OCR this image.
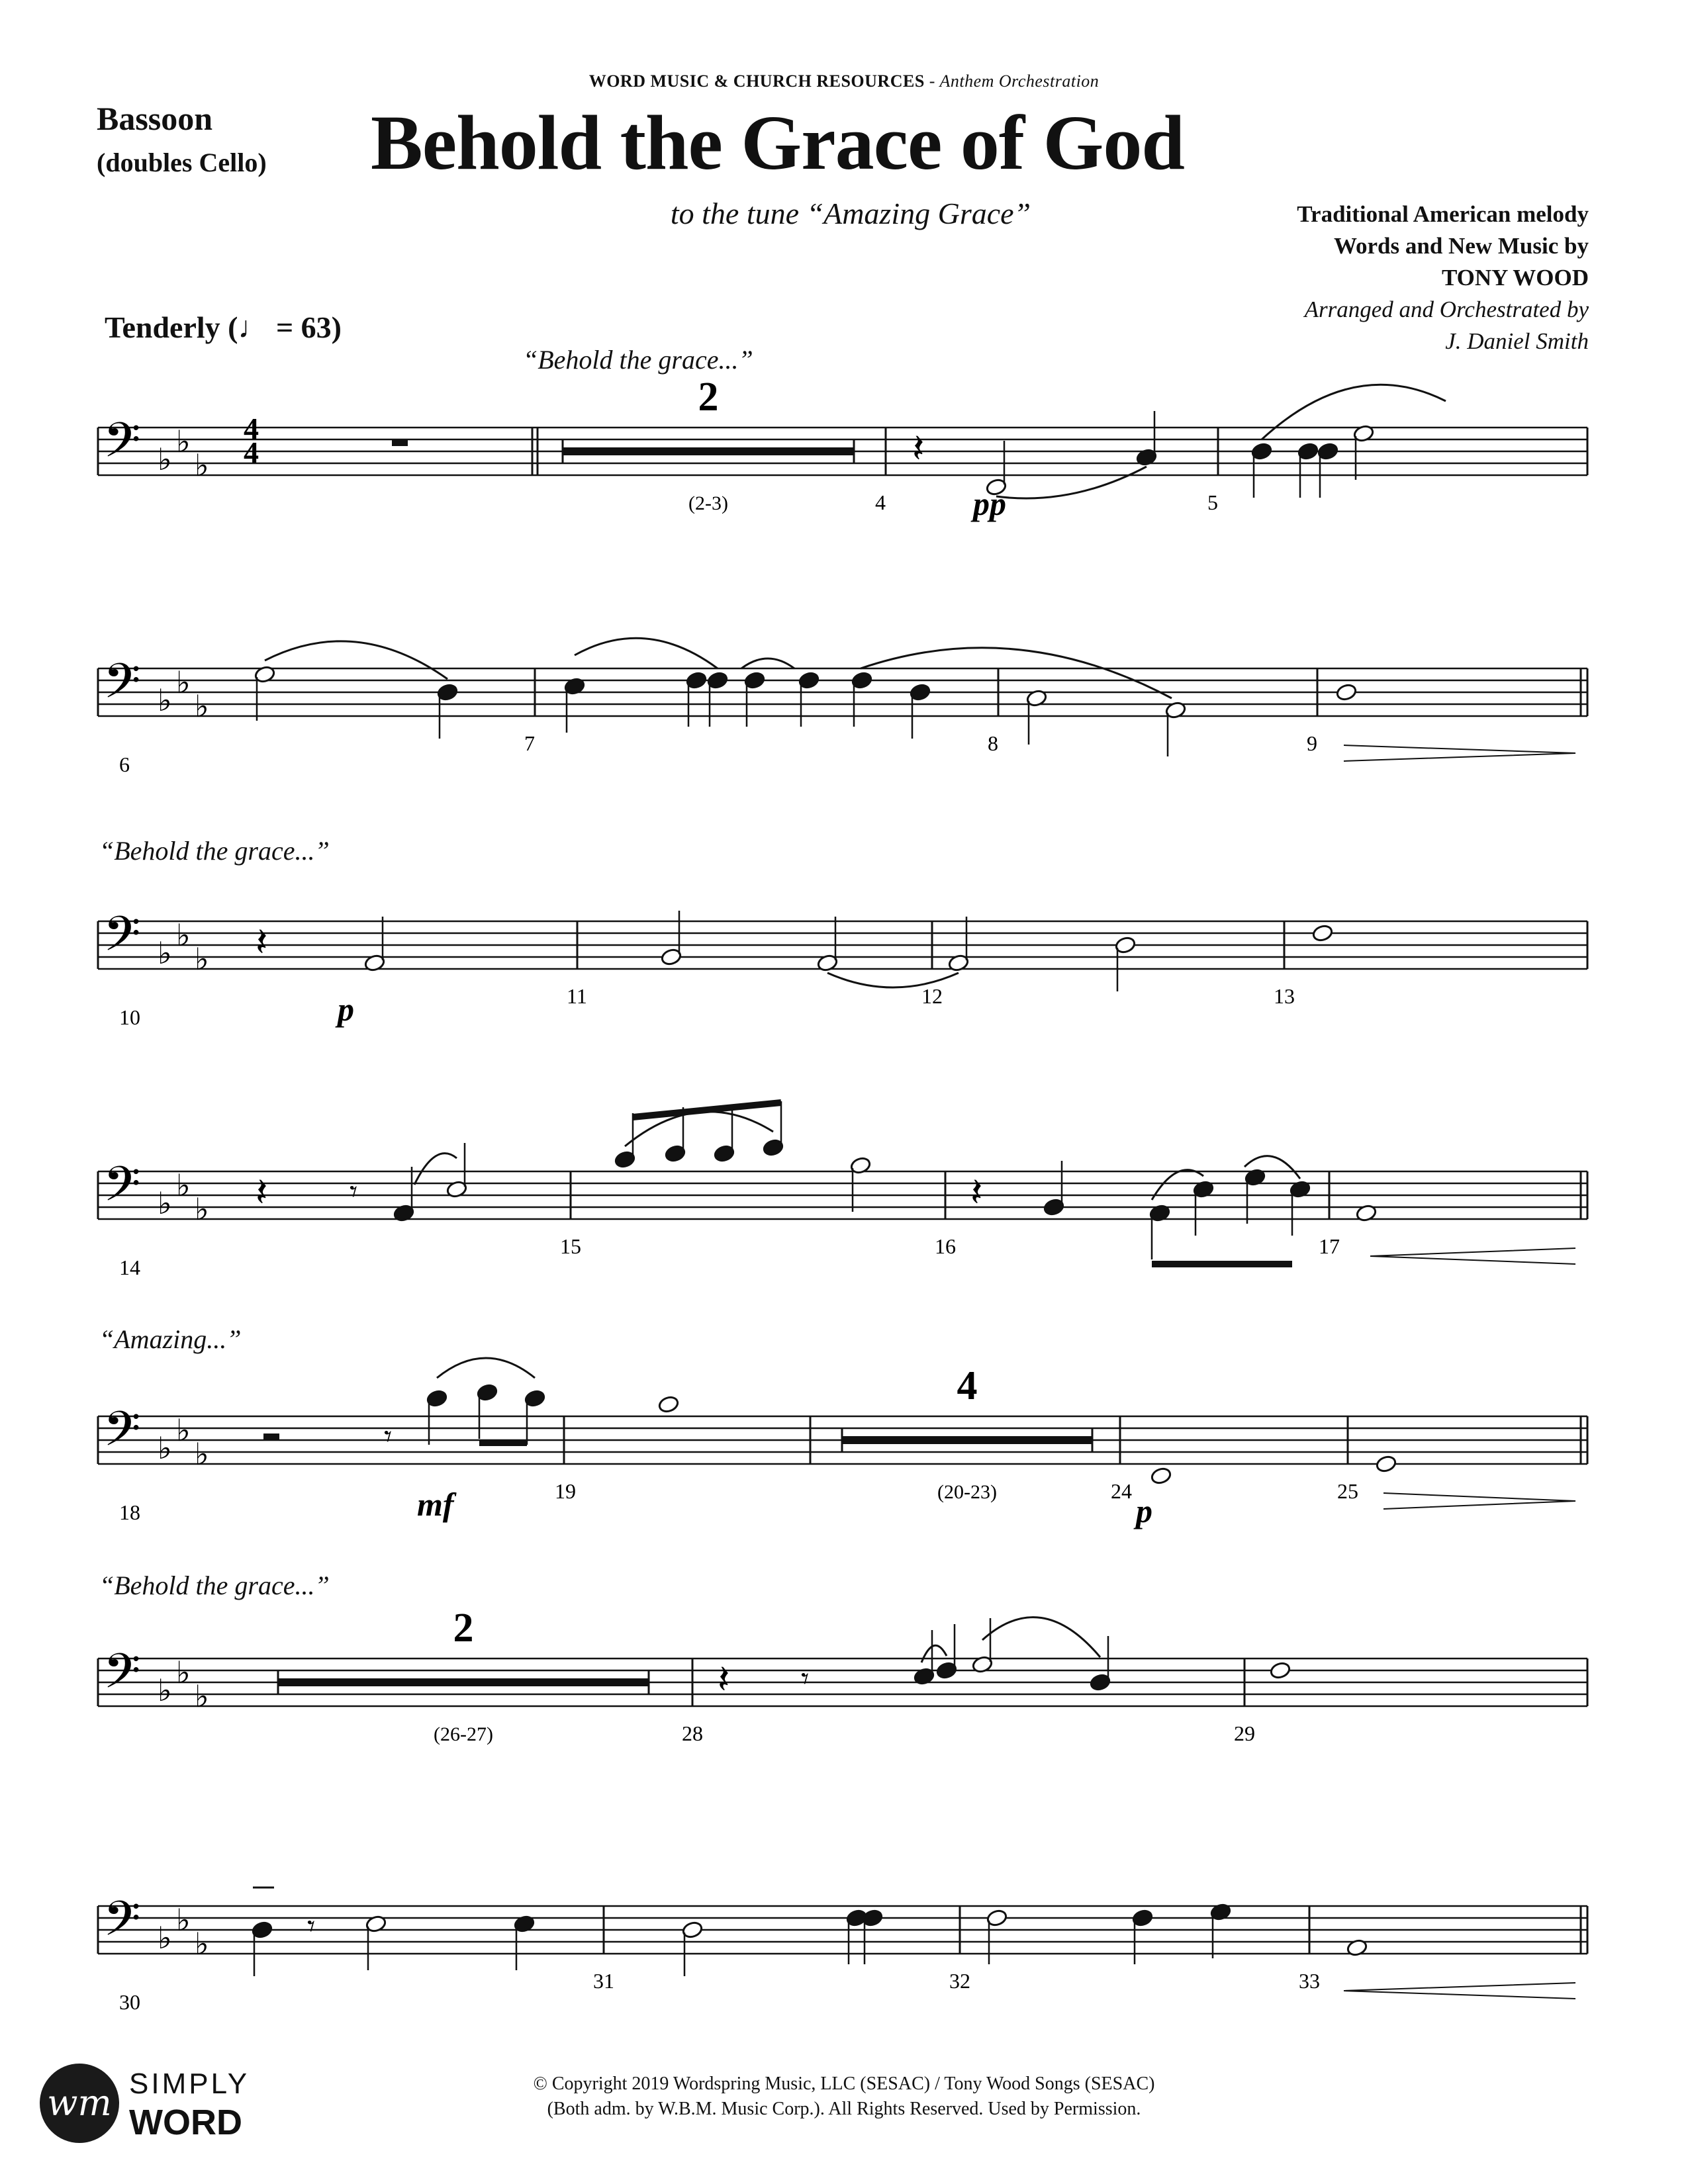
WORD MUSIC & CHURCH RESOURCES - Anthem Orchestration
Bassoon
(doubles Cello) Behold the Grace of God
to the tune “Amazing Grace”	Traditional American melody
Words and New Music by
TONY WOOD
Arranged and Orchestrated by
J. Daniel Smith
Tenderly (♩ = 63)
“Behold the grace...”
“Behold the grace...”
“Amazing...”
“Behold the grace...”
𝄢 ♭ ♭
♭
4	5
𝄢 ♭ ♭
♭
6
7	8	9
𝄢 ♭ ♭
♭
10
11	12	13
𝄢 ♭ ♭
♭
14
15	16	17
𝄢 ♭ ♭
♭
18
19	24	25
𝄢 ♭ ♭
♭
28	29
𝄢 ♭ ♭
♭
30
31	32	33
4
4
2
(2-3)
4
(20-23)
2
(26-27)
𝄽
pp
𝄽
p
𝄽	𝄾	𝄽
𝄾
mf	p
𝄽 𝄾
𝄾
© Copyright 2019 Wordspring Music, LLC (SESAC) / Tony Wood Songs (SESAC)
(Both adm. by W.B.M. Music Corp.). All Rights Reserved. Used by Permission.
wm SIMPLY
WORD
